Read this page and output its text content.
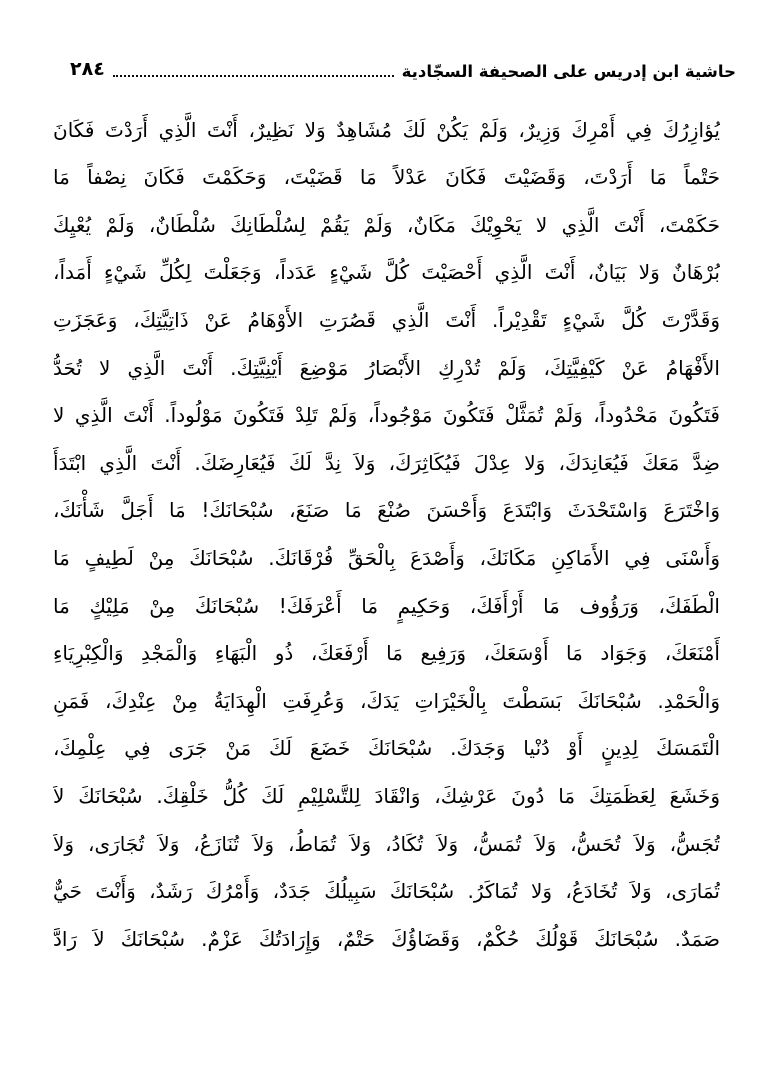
حاشية ابن إدريس على الصحيفة السجّادية
٢٨٤
يُؤازِرُكَ فِي أَمْرِكَ وَزِيرٌ، وَلَمْ يَكُنْ لَكَ مُشَاهِدٌ وَلا نَظِيرٌ، أَنْتَ الَّذِي أَرَدْتَ فَكَانَ
حَتْماً مَا أَرَدْتَ، وَقَضَيْتَ فَكَانَ عَدْلاً مَا قَضَيْتَ، وَحَكَمْتَ فَكَانَ نِصْفاً مَا
حَكَمْتَ، أَنْتَ الَّذِي لا يَحْوِيْكَ مَكَانٌ، وَلَمْ يَقُمْ لِسُلْطَانِكَ سُلْطَانٌ، وَلَمْ يُعْيِكَ
بُرْهَانٌ وَلا بَيَانٌ، أَنْتَ الَّذِي أَحْصَيْتَ كُلَّ شَيْءٍ عَدَداً، وَجَعَلْتَ لِكُلِّ شَيْءٍ أَمَداً،
وَقَدَّرْتَ كُلَّ شَيْءٍ تَقْدِيْراً. أَنْتَ الَّذِي قَصُرَتِ الأَوْهَامُ عَنْ ذَاتِيَّتِكَ، وَعَجَزَتِ
الأَفْهَامُ عَنْ كَيْفِيَّتِكَ، وَلَمْ تُدْرِكِ الأَبْصَارُ مَوْضِعَ أَيْنِيَّتِكَ. أَنْتَ الَّذِي لا تُحَدُّ
فَتَكُونَ مَحْدُوداً، وَلَمْ تُمَثَّلْ فَتَكُونَ مَوْجُوداً، وَلَمْ تَلِدْ فَتَكُونَ مَوْلُوداً. أَنْتَ الَّذِي لا
ضِدَّ مَعَكَ فَيُعَانِدَكَ، وَلا عِدْلَ فَيُكَاثِرَكَ، وَلاَ نِدَّ لَكَ فَيُعَارِضَكَ. أَنْتَ الَّذِي ابْتَدَأَ
وَاخْتَرَعَ وَاسْتَحْدَثَ وَابْتَدَعَ وَأَحْسَنَ صُنْعَ مَا صَنَعَ، سُبْحَانَكَ! مَا أَجَلَّ شَأْنَكَ،
وَأَسْنَى فِي الأَمَاكِنِ مَكَانَكَ، وَأَصْدَعَ بِالْحَقِّ فُرْقَانَكَ. سُبْحَانَكَ مِنْ لَطِيفٍ مَا
الْطَفَكَ، وَرَؤُوف مَا أَرْأَفَكَ، وَحَكِيمٍ مَا أَعْرَفَكَ! سُبْحَانَكَ مِنْ مَلِيْكٍ مَا
أَمْنَعَكَ، وَجَوَاد مَا أَوْسَعَكَ، وَرَفِيع مَا أَرْفَعَكَ، ذُو الْبَهَاءِ وَالْمَجْدِ وَالْكِبْرِيَاءِ
وَالْحَمْدِ. سُبْحَانَكَ بَسَطْتَ بِالْخَيْرَاتِ يَدَكَ، وَعُرِفَتِ الْهِدَايَةُ مِنْ عِنْدِكَ، فَمَنِ
الْتَمَسَكَ لِدِينٍ أَوْ دُنْيا وَجَدَكَ. سُبْحَانَكَ خَضَعَ لَكَ مَنْ جَرَى فِي عِلْمِكَ،
وَخَشَعَ لِعَظَمَتِكَ مَا دُونَ عَرْشِكَ، وَانْقَادَ لِلتَّسْلِيْمِ لَكَ كُلُّ خَلْقِكَ. سُبْحَانَكَ لاَ
تُجَسُّ، وَلاَ تُحَسُّ، وَلاَ تُمَسُّ، وَلاَ تُكَادُ، وَلاَ تُمَاطُ، وَلاَ تُنَازَعُ، وَلاَ تُجَارَى، وَلاَ
تُمَارَى، وَلاَ تُخَادَعُ، وَلا تُمَاكَرُ. سُبْحَانَكَ سَبِيلُكَ جَدَدٌ، وَأَمْرُكَ رَشَدٌ، وَأَنْتَ حَيٌّ
صَمَدٌ. سُبْحَانَكَ قَوْلُكَ حُكْمٌ، وَقَضَاؤُكَ حَتْمٌ، وَإِرَادَتُكَ عَزْمٌ. سُبْحَانَكَ لاَ رَادَّ
